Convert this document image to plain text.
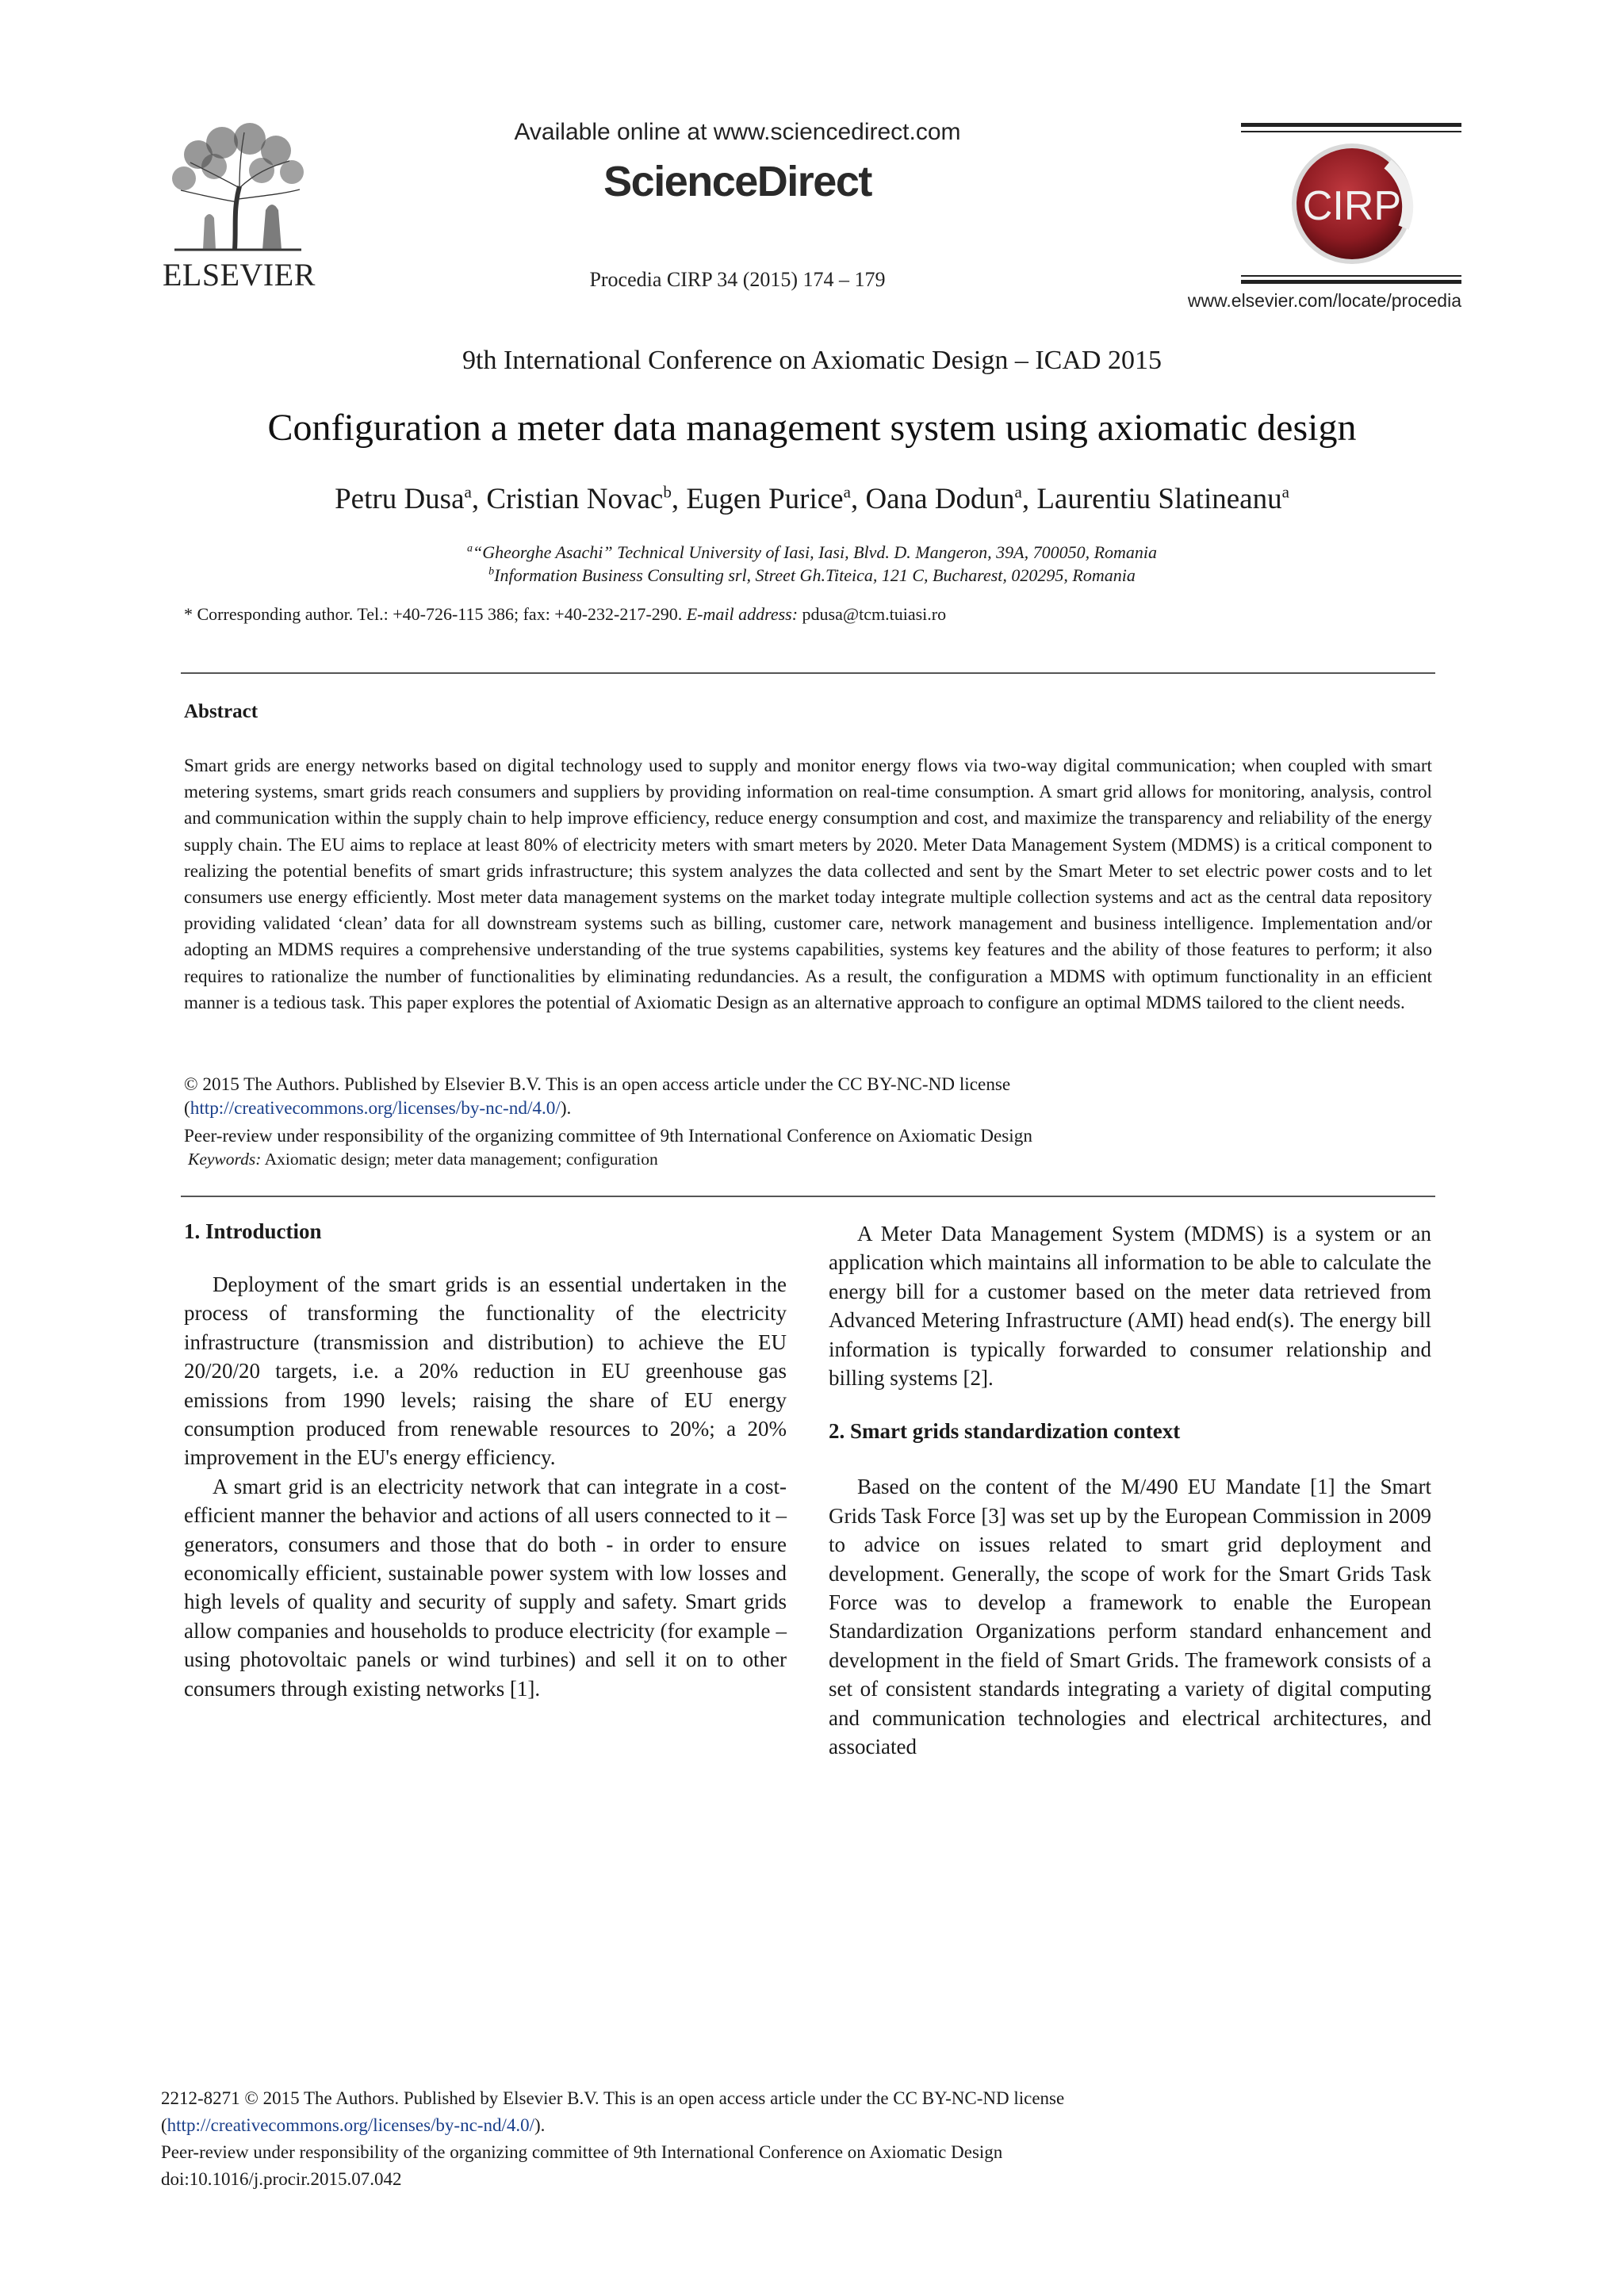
ELSEVIER
Available online at www.sciencedirect.com
ScienceDirect
Procedia CIRP 34 (2015) 174 – 179
CIRP
www.elsevier.com/locate/procedia
9th International Conference on Axiomatic Design – ICAD 2015
Configuration a meter data management system using axiomatic design
Petru Dusa$^a$, Cristian Novac$^b$, Eugen Purice$^a$, Oana Dodun$^a$, Laurentiu Slatineanu$^a$
$^a$“Gheorghe Asachi” Technical University of Iasi, Iasi, Blvd. D. Mangeron, 39A, 700050, Romania
$^b$Information Business Consulting srl, Street Gh.Titeica, 121 C, Bucharest, 020295, Romania
* Corresponding author. Tel.: +40-726-115 386; fax: +40-232-217-290. E-mail address: pdusa@tcm.tuiasi.ro
Abstract
Smart grids are energy networks based on digital technology used to supply and monitor energy flows via two-way digital communication; when coupled with smart metering systems, smart grids reach consumers and suppliers by providing information on real-time consumption. A smart grid allows for monitoring, analysis, control and communication within the supply chain to help improve efficiency, reduce energy consumption and cost, and maximize the transparency and reliability of the energy supply chain. The EU aims to replace at least 80% of electricity meters with smart meters by 2020. Meter Data Management System (MDMS) is a critical component to realizing the potential benefits of smart grids infrastructure; this system analyzes the data collected and sent by the Smart Meter to set electric power costs and to let consumers use energy efficiently. Most meter data management systems on the market today integrate multiple collection systems and act as the central data repository providing validated ‘clean’ data for all downstream systems such as billing, customer care, network management and business intelligence. Implementation and/or adopting an MDMS requires a comprehensive understanding of the true systems capabilities, systems key features and the ability of those features to perform; it also requires to rationalize the number of functionalities by eliminating redundancies. As a result, the configuration a MDMS with optimum functionality in an efficient manner is a tedious task. This paper explores the potential of Axiomatic Design as an alternative approach to configure an optimal MDMS tailored to the client needs.
© 2015 The Authors. Published by Elsevier B.V. This is an open access article under the CC BY-NC-ND license
(http://creativecommons.org/licenses/by-nc-nd/4.0/).
Peer-review under responsibility of the organizing committee of 9th International Conference on Axiomatic Design
Keywords: Axiomatic design; meter data management; configuration
1. Introduction

Deployment of the smart grids is an essential undertaken in the process of transforming the functionality of the electricity infrastructure (transmission and distribution) to achieve the EU 20/20/20 targets, i.e. a 20% reduction in EU greenhouse gas emissions from 1990 levels; raising the share of EU energy consumption produced from renewable resources to 20%; a 20% improvement in the EU's energy efficiency.

A smart grid is an electricity network that can integrate in a cost-efficient manner the behavior and actions of all users connected to it – generators, consumers and those that do both - in order to ensure economically efficient, sustainable power system with low losses and high levels of quality and security of supply and safety. Smart grids allow companies and households to produce electricity (for example – using photovoltaic panels or wind turbines) and sell it on to other consumers through existing networks [1].

A Meter Data Management System (MDMS) is a system or an application which maintains all information to be able to calculate the energy bill for a customer based on the meter data retrieved from Advanced Metering Infrastructure (AMI) head end(s). The energy bill information is typically forwarded to consumer relationship and billing systems [2].

2. Smart grids standardization context

Based on the content of the M/490 EU Mandate [1] the Smart Grids Task Force [3] was set up by the European Commission in 2009 to advice on issues related to smart grid deployment and development. Generally, the scope of work for the Smart Grids Task Force was to develop a framework to enable the European Standardization Organizations perform standard enhancement and development in the field of Smart Grids. The framework consists of a set of consistent standards integrating a variety of digital computing and communication technologies and electrical architectures, and associated

2212-8271 © 2015 The Authors. Published by Elsevier B.V. This is an open access article under the CC BY-NC-ND license
(http://creativecommons.org/licenses/by-nc-nd/4.0/).
Peer-review under responsibility of the organizing committee of 9th International Conference on Axiomatic Design
doi:10.1016/j.procir.2015.07.042
